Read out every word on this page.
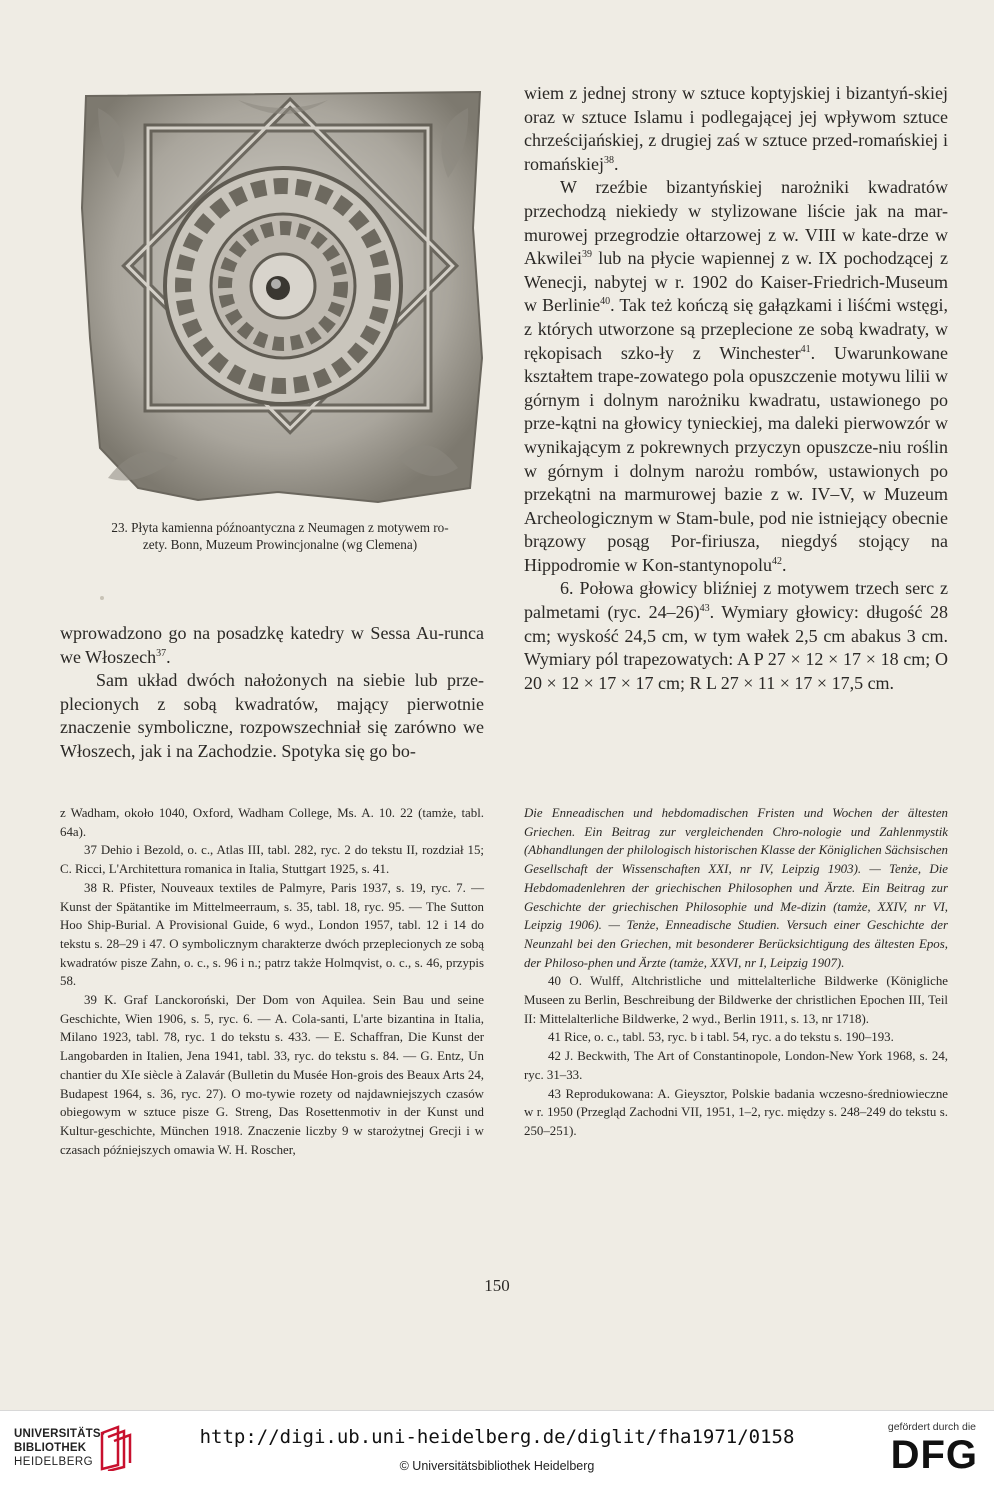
23. Płyta kamienna późnoantyczna z Neumagen z motywem ro-
zety. Bonn, Muzeum Prowincjonalne (wg Clemena)

wiem z jednej strony w sztuce koptyjskiej i bizantyń-skiej oraz w sztuce Islamu i podlegającej jej wpływom sztuce chrześcijańskiej, z drugiej zaś w sztuce przed-romańskiej i romańskiej$^{38}$.

W rzeźbie bizantyńskiej narożniki kwadratów przechodzą niekiedy w stylizowane liście jak na mar-murowej przegrodzie ołtarzowej z w. VIII w kate-drze w Akwilei$^{39}$ lub na płycie wapiennej z w. IX pochodzącej z Wenecji, nabytej w r. 1902 do Kaiser-Friedrich-Museum w Berlinie$^{40}$. Tak też kończą się gałązkami i liśćmi wstęgi, z których utworzone są przeplecione ze sobą kwadraty, w rękopisach szko-ły z Winchester$^{41}$. Uwarunkowane kształtem trape-zowatego pola opuszczenie motywu lilii w górnym i dolnym narożniku kwadratu, ustawionego po prze-kątni na głowicy tynieckiej, ma daleki pierwowzór w wynikającym z pokrewnych przyczyn opuszcze-niu roślin w górnym i dolnym narożu rombów, ustawionych po przekątni na marmurowej bazie z w. IV–V, w Muzeum Archeologicznym w Stam-bule, pod nie istniejący obecnie brązowy posąg Por-firiusza, niegdyś stojący na Hippodromie w Kon-stantynopolu$^{42}$.

6. Połowa głowicy bliźniej z motywem trzech serc z palmetami (ryc. 24–26)$^{43}$. Wymiary głowicy: długość 28 cm; wyskość 24,5 cm, w tym wałek 2,5 cm abakus 3 cm. Wymiary pól trapezowatych: A P 27 × 12 × 17 × 18 cm; O 20 × 12 × 17 × 17 cm; R L 27 × 11 × 17 × 17,5 cm.

wprowadzono go na posadzkę katedry w Sessa Au-runca we Włoszech$^{37}$.

Sam układ dwóch nałożonych na siebie lub prze-plecionych z sobą kwadratów, mający pierwotnie znaczenie symboliczne, rozpowszechniał się zarówno we Włoszech, jak i na Zachodzie. Spotyka się go bo-

z Wadham, około 1040, Oxford, Wadham College, Ms. A. 10. 22 (tamże, tabl. 64a).

37 Dehio i Bezold, o. c., Atlas III, tabl. 282, ryc. 2 do tekstu II, rozdział 15; C. Ricci, L'Architettura romanica in Italia, Stuttgart 1925, s. 41.

38 R. Pfister, Nouveaux textiles de Palmyre, Paris 1937, s. 19, ryc. 7. — Kunst der Spätantike im Mittelmeerraum, s. 35, tabl. 18, ryc. 95. — The Sutton Hoo Ship-Burial. A Provisional Guide, 6 wyd., London 1957, tabl. 12 i 14 do tekstu s. 28–29 i 47. O symbolicznym charakterze dwóch przeplecionych ze sobą kwadratów pisze Zahn, o. c., s. 96 i n.; patrz także Holmqvist, o. c., s. 46, przypis 58.

39 K. Graf Lanckoroński, Der Dom von Aquilea. Sein Bau und seine Geschichte, Wien 1906, s. 5, ryc. 6. — A. Cola-santi, L'arte bizantina in Italia, Milano 1923, tabl. 78, ryc. 1 do tekstu s. 433. — E. Schaffran, Die Kunst der Langobarden in Italien, Jena 1941, tabl. 33, ryc. do tekstu s. 84. — G. Entz, Un chantier du XIe siècle à Zalavár (Bulletin du Musée Hon-grois des Beaux Arts 24, Budapest 1964, s. 36, ryc. 27). O mo-tywie rozety od najdawniejszych czasów obiegowym w sztuce pisze G. Streng, Das Rosettenmotiv in der Kunst und Kultur-geschichte, München 1918. Znaczenie liczby 9 w starożytnej Grecji i w czasach późniejszych omawia W. H. Roscher,

Die Enneadischen und hebdomadischen Fristen und Wochen der ältesten Griechen. Ein Beitrag zur vergleichenden Chro-nologie und Zahlenmystik (Abhandlungen der philologisch historischen Klasse der Königlichen Sächsischen Gesellschaft der Wissenschaften XXI, nr IV, Leipzig 1903). — Tenże, Die Hebdomadenlehren der griechischen Philosophen und Ärzte. Ein Beitrag zur Geschichte der griechischen Philosophie und Me-dizin (tamże, XXIV, nr VI, Leipzig 1906). — Tenże, Enneadische Studien. Versuch einer Geschichte der Neunzahl bei den Griechen, mit besonderer Berücksichtigung des ältesten Epos, der Philoso-phen und Ärzte (tamże, XXVI, nr I, Leipzig 1907).

40 O. Wulff, Altchristliche und mittelalterliche Bildwerke (Königliche Museen zu Berlin, Beschreibung der Bildwerke der christlichen Epochen III, Teil II: Mittelalterliche Bildwerke, 2 wyd., Berlin 1911, s. 13, nr 1718).

41 Rice, o. c., tabl. 53, ryc. b i tabl. 54, ryc. a do tekstu s. 190–193.

42 J. Beckwith, The Art of Constantinopole, London-New York 1968, s. 24, ryc. 31–33.

43 Reprodukowana: A. Gieysztor, Polskie badania wczesno-średniowieczne w r. 1950 (Przegląd Zachodni VII, 1951, 1–2, ryc. między s. 248–249 do tekstu s. 250–251).

150
UNIVERSITÄTS-
BIBLIOTHEK
HEIDELBERG
http://digi.ub.uni-heidelberg.de/diglit/fha1971/0158
© Universitätsbibliothek Heidelberg
gefördert durch die
DFG
